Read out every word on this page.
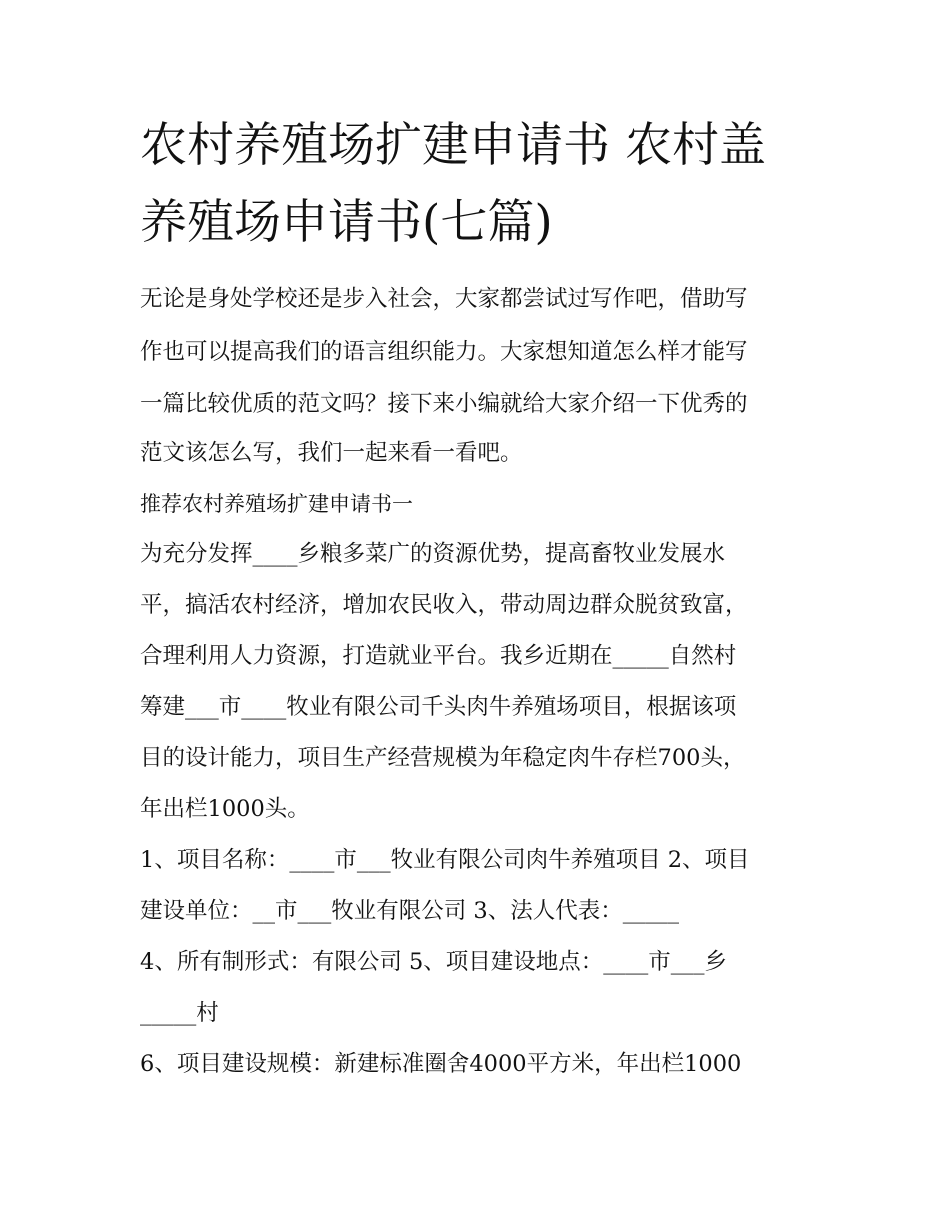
农村养殖场扩建申请书 农村盖
养殖场申请书(七篇)
无论是身处学校还是步入社会，大家都尝试过写作吧，借助写
作也可以提高我们的语言组织能力。大家想知道怎么样才能写
一篇比较优质的范文吗？接下来小编就给大家介绍一下优秀的
范文该怎么写，我们一起来看一看吧。
推荐农村养殖场扩建申请书一
为充分发挥____乡粮多菜广的资源优势，提高畜牧业发展水
平，搞活农村经济，增加农民收入，带动周边群众脱贫致富，
合理利用人力资源，打造就业平台。我乡近期在_____自然村
筹建___市____牧业有限公司千头肉牛养殖场项目，根据该项
目的设计能力，项目生产经营规模为年稳定肉牛存栏700头，
年出栏1000头。
1、项目名称：____市___牧业有限公司肉牛养殖项目 2、项目
建设单位：__市___牧业有限公司 3、法人代表：_____
4、所有制形式：有限公司 5、项目建设地点：____市___乡
_____村
6、项目建设规模：新建标准圈舍4000平方米，年出栏1000
